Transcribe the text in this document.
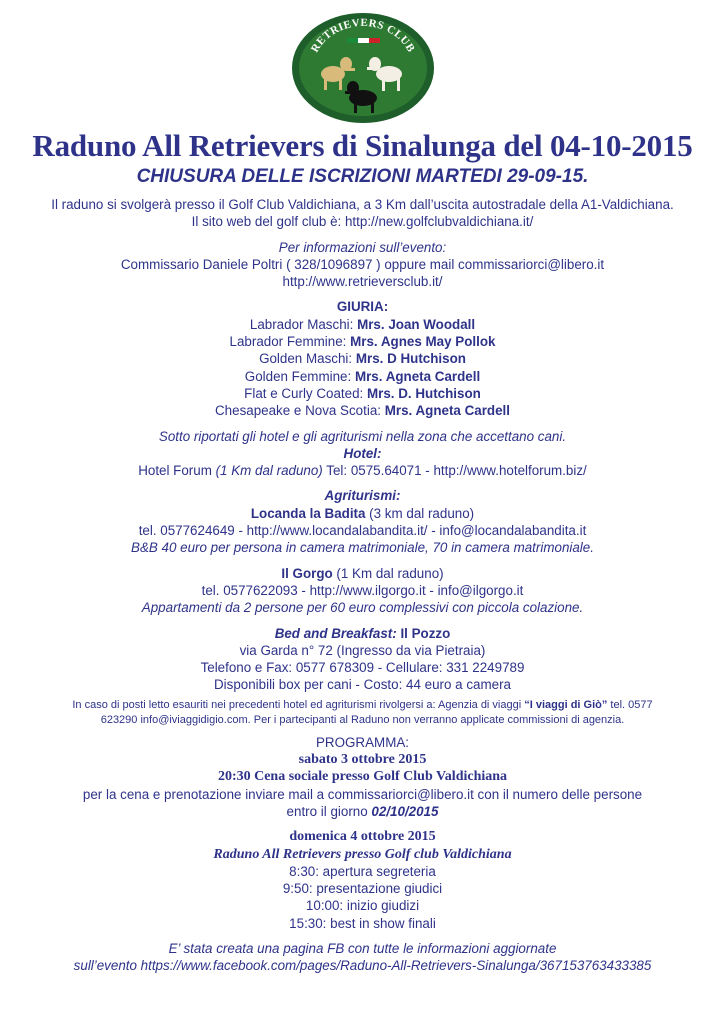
RETRIEVERS CLUB
Raduno All Retrievers di Sinalunga del 04-10-2015
CHIUSURA DELLE ISCRIZIONI MARTEDI 29-09-15.

Il raduno si svolgerà presso il Golf Club Valdichiana, a 3 Km dall’uscita autostradale della A1-Valdichiana.

Il sito web del golf club è: http://new.golfclubvaldichiana.it/

Per informazioni sull’evento:

Commissario Daniele Poltri ( 328/1096897 ) oppure mail commissariorci@libero.it

http://www.retrieversclub.it/

GIURIA:

Labrador Maschi: Mrs. Joan Woodall

Labrador Femmine: Mrs. Agnes May Pollok

Golden Maschi: Mrs. D Hutchison

Golden Femmine: Mrs. Agneta Cardell

Flat e Curly Coated: Mrs. D. Hutchison

Chesapeake e Nova Scotia: Mrs. Agneta Cardell

Sotto riportati gli hotel e gli agriturismi nella zona che accettano cani.

Hotel:

Hotel Forum (1 Km dal raduno) Tel: 0575.64071 - http://www.hotelforum.biz/

Agriturismi:

Locanda la Badita (3 km dal raduno)

tel. 0577624649 - http://www.locandalabandita.it/ - info@locandalabandita.it

B&B 40 euro per persona in camera matrimoniale, 70 in camera matrimoniale.

Il Gorgo (1 Km dal raduno)

tel. 0577622093 - http://www.ilgorgo.it - info@ilgorgo.it

Appartamenti da 2 persone per 60 euro complessivi con piccola colazione.

Bed and Breakfast: Il Pozzo

via Garda n° 72 (Ingresso da via Pietraia)

Telefono e Fax: 0577 678309 - Cellulare: 331 2249789

Disponibili box per cani - Costo: 44 euro a camera

In caso di posti letto esauriti nei precedenti hotel ed agriturismi rivolgersi a: Agenzia di viaggi “I viaggi di Giò” tel. 0577

623290 info@iviaggidigio.com. Per i partecipanti al Raduno non verranno applicate commissioni di agenzia.

PROGRAMMA:

sabato 3 ottobre 2015

20:30 Cena sociale presso Golf Club Valdichiana

per la cena e prenotazione inviare mail a commissariorci@libero.it con il numero delle persone

entro il giorno 02/10/2015

domenica 4 ottobre 2015

Raduno All Retrievers presso Golf club Valdichiana

8:30: apertura segreteria

9:50: presentazione giudici

10:00: inizio giudizi

15:30: best in show finali

E’ stata creata una pagina FB con tutte le informazioni aggiornate

sull’evento https://www.facebook.com/pages/Raduno-All-Retrievers-Sinalunga/367153763433385
